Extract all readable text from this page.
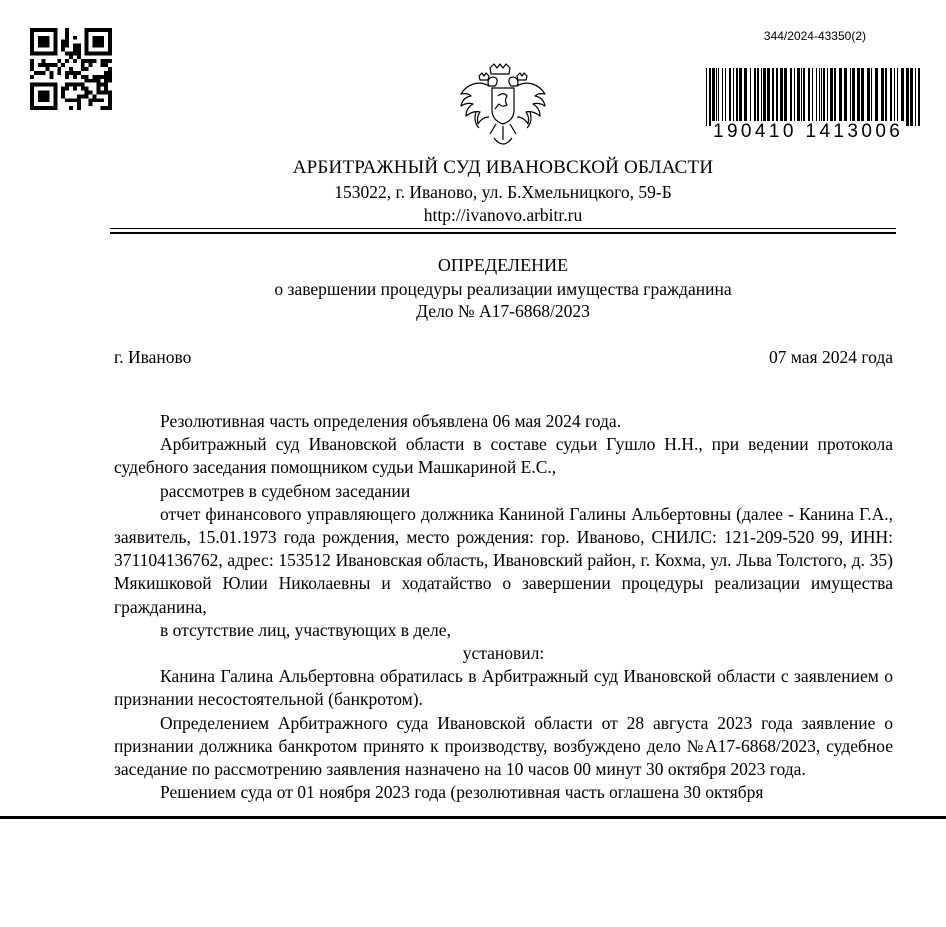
344/2024-43350(2)
190410 1413006
АРБИТРАЖНЫЙ СУД ИВАНОВСКОЙ ОБЛАСТИ
153022, г. Иваново, ул. Б.Хмельницкого, 59-Б
http://ivanovo.arbitr.ru
ОПРЕДЕЛЕНИЕ
о завершении процедуры реализации имущества гражданина
Дело № А17-6868/2023
г. Иваново	07 мая 2024 года

Резолютивная часть определения объявлена 06 мая 2024 года.

Арбитражный суд Ивановской области в составе судьи Гушло Н.Н., при ведении протокола судебного заседания помощником судьи Машкариной Е.С.,

рассмотрев в судебном заседании

отчет финансового управляющего должника Каниной Галины Альбертовны (далее - Канина Г.А., заявитель, 15.01.1973 года рождения, место рождения: гор. Иваново, СНИЛС: 121-209-520 99, ИНН: 371104136762, адрес: 153512 Ивановская область, Ивановский район, г. Кохма, ул. Льва Толстого, д. 35) Мякишковой Юлии Николаевны и ходатайство о завершении процедуры реализации имущества гражданина,

в отсутствие лиц, участвующих в деле,

установил:

Канина Галина Альбертовна обратилась в Арбитражный суд Ивановской области с заявлением о признании несостоятельной (банкротом).

Определением Арбитражного суда Ивановской области от 28 августа 2023 года заявление о признании должника банкротом принято к производству, возбуждено дело №А17-6868/2023, судебное заседание по рассмотрению заявления назначено на 10 часов 00 минут 30 октября 2023 года.

Решением суда от 01 ноября 2023 года (резолютивная часть оглашена 30 октября
